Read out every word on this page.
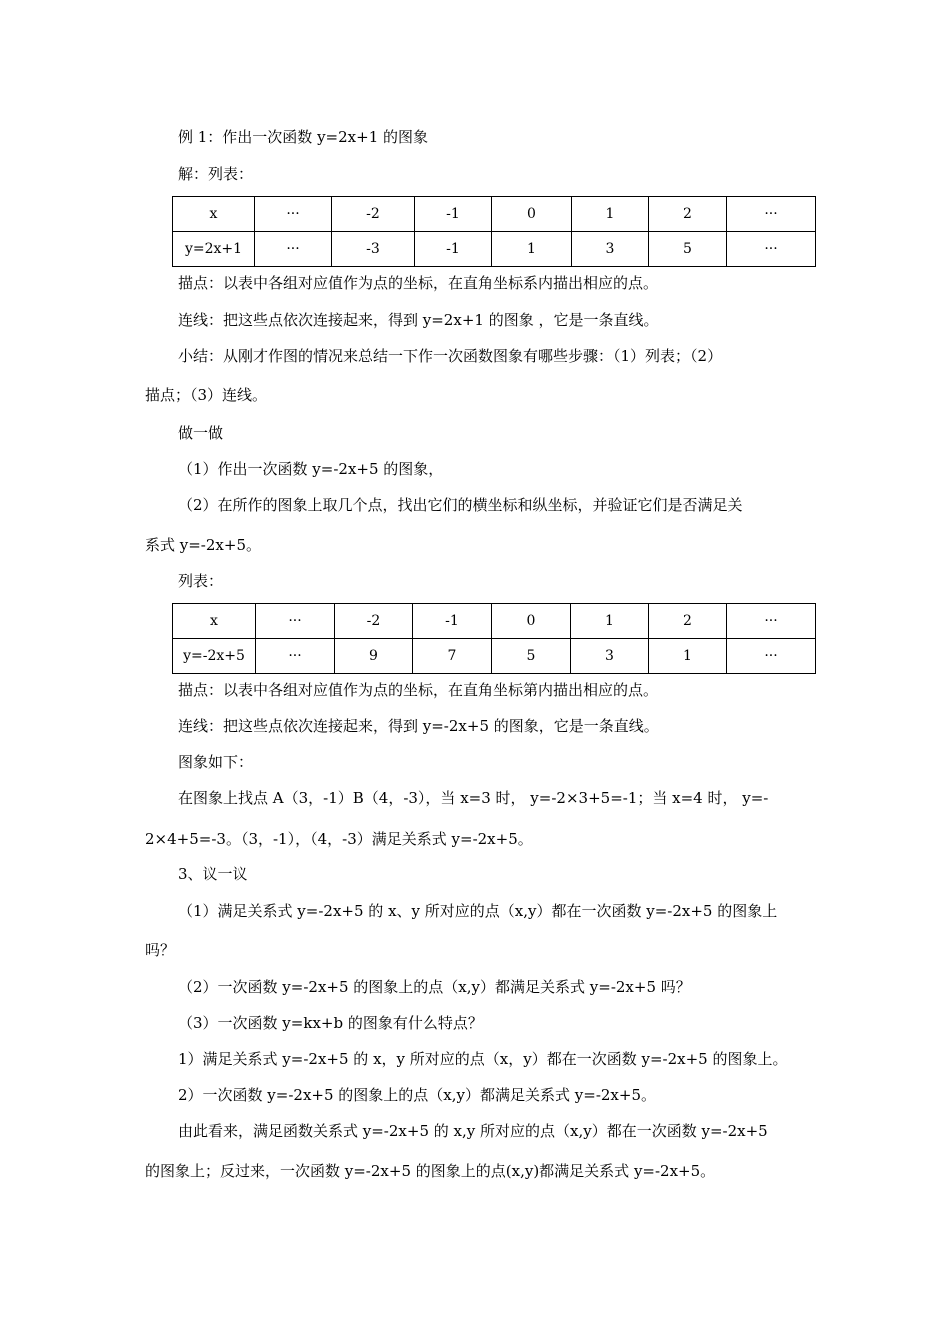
例 1：作出一次函数 y=2x+1 的图象
解：列表：
x	···	-2	-1	0	1	2	···
y=2x+1	···	-3	-1	1	3	5	···
描点：以表中各组对应值作为点的坐标，在直角坐标系内描出相应的点。
连线：把这些点依次连接起来，得到 y=2x+1 的图象 ，它是一条直线。
小结：从刚才作图的情况来总结一下作一次函数图象有哪些步骤：（1）列表；（2）
描点；（3）连线。
做一做
（1）作出一次函数 y=-2x+5 的图象，
（2）在所作的图象上取几个点，找出它们的横坐标和纵坐标，并验证它们是否满足关
系式 y=-2x+5。
列表：
x	···	-2	-1	0	1	2	···
y=-2x+5	···	9	7	5	3	1	···
描点：以表中各组对应值作为点的坐标，在直角坐标第内描出相应的点。
连线：把这些点依次连接起来，得到 y=-2x+5 的图象，它是一条直线。
图象如下：
在图象上找点 A（3，-1）B（4，-3），当 x=3 时， y=-2×3+5=-1；当 x=4 时， y=-
2×4+5=-3。（3，-1），（4，-3）满足关系式 y=-2x+5。
3、议一议
（1）满足关系式 y=-2x+5 的 x、y 所对应的点（x,y）都在一次函数 y=-2x+5 的图象上
吗？
（2）一次函数 y=-2x+5 的图象上的点（x,y）都满足关系式 y=-2x+5 吗？
（3）一次函数 y=kx+b 的图象有什么特点？
1）满足关系式 y=-2x+5 的 x，y 所对应的点（x，y）都在一次函数 y=-2x+5 的图象上。
2）一次函数 y=-2x+5 的图象上的点（x,y）都满足关系式 y=-2x+5。
由此看来，满足函数关系式 y=-2x+5 的 x,y 所对应的点（x,y）都在一次函数 y=-2x+5
的图象上；反过来，一次函数 y=-2x+5 的图象上的点(x,y)都满足关系式 y=-2x+5。
